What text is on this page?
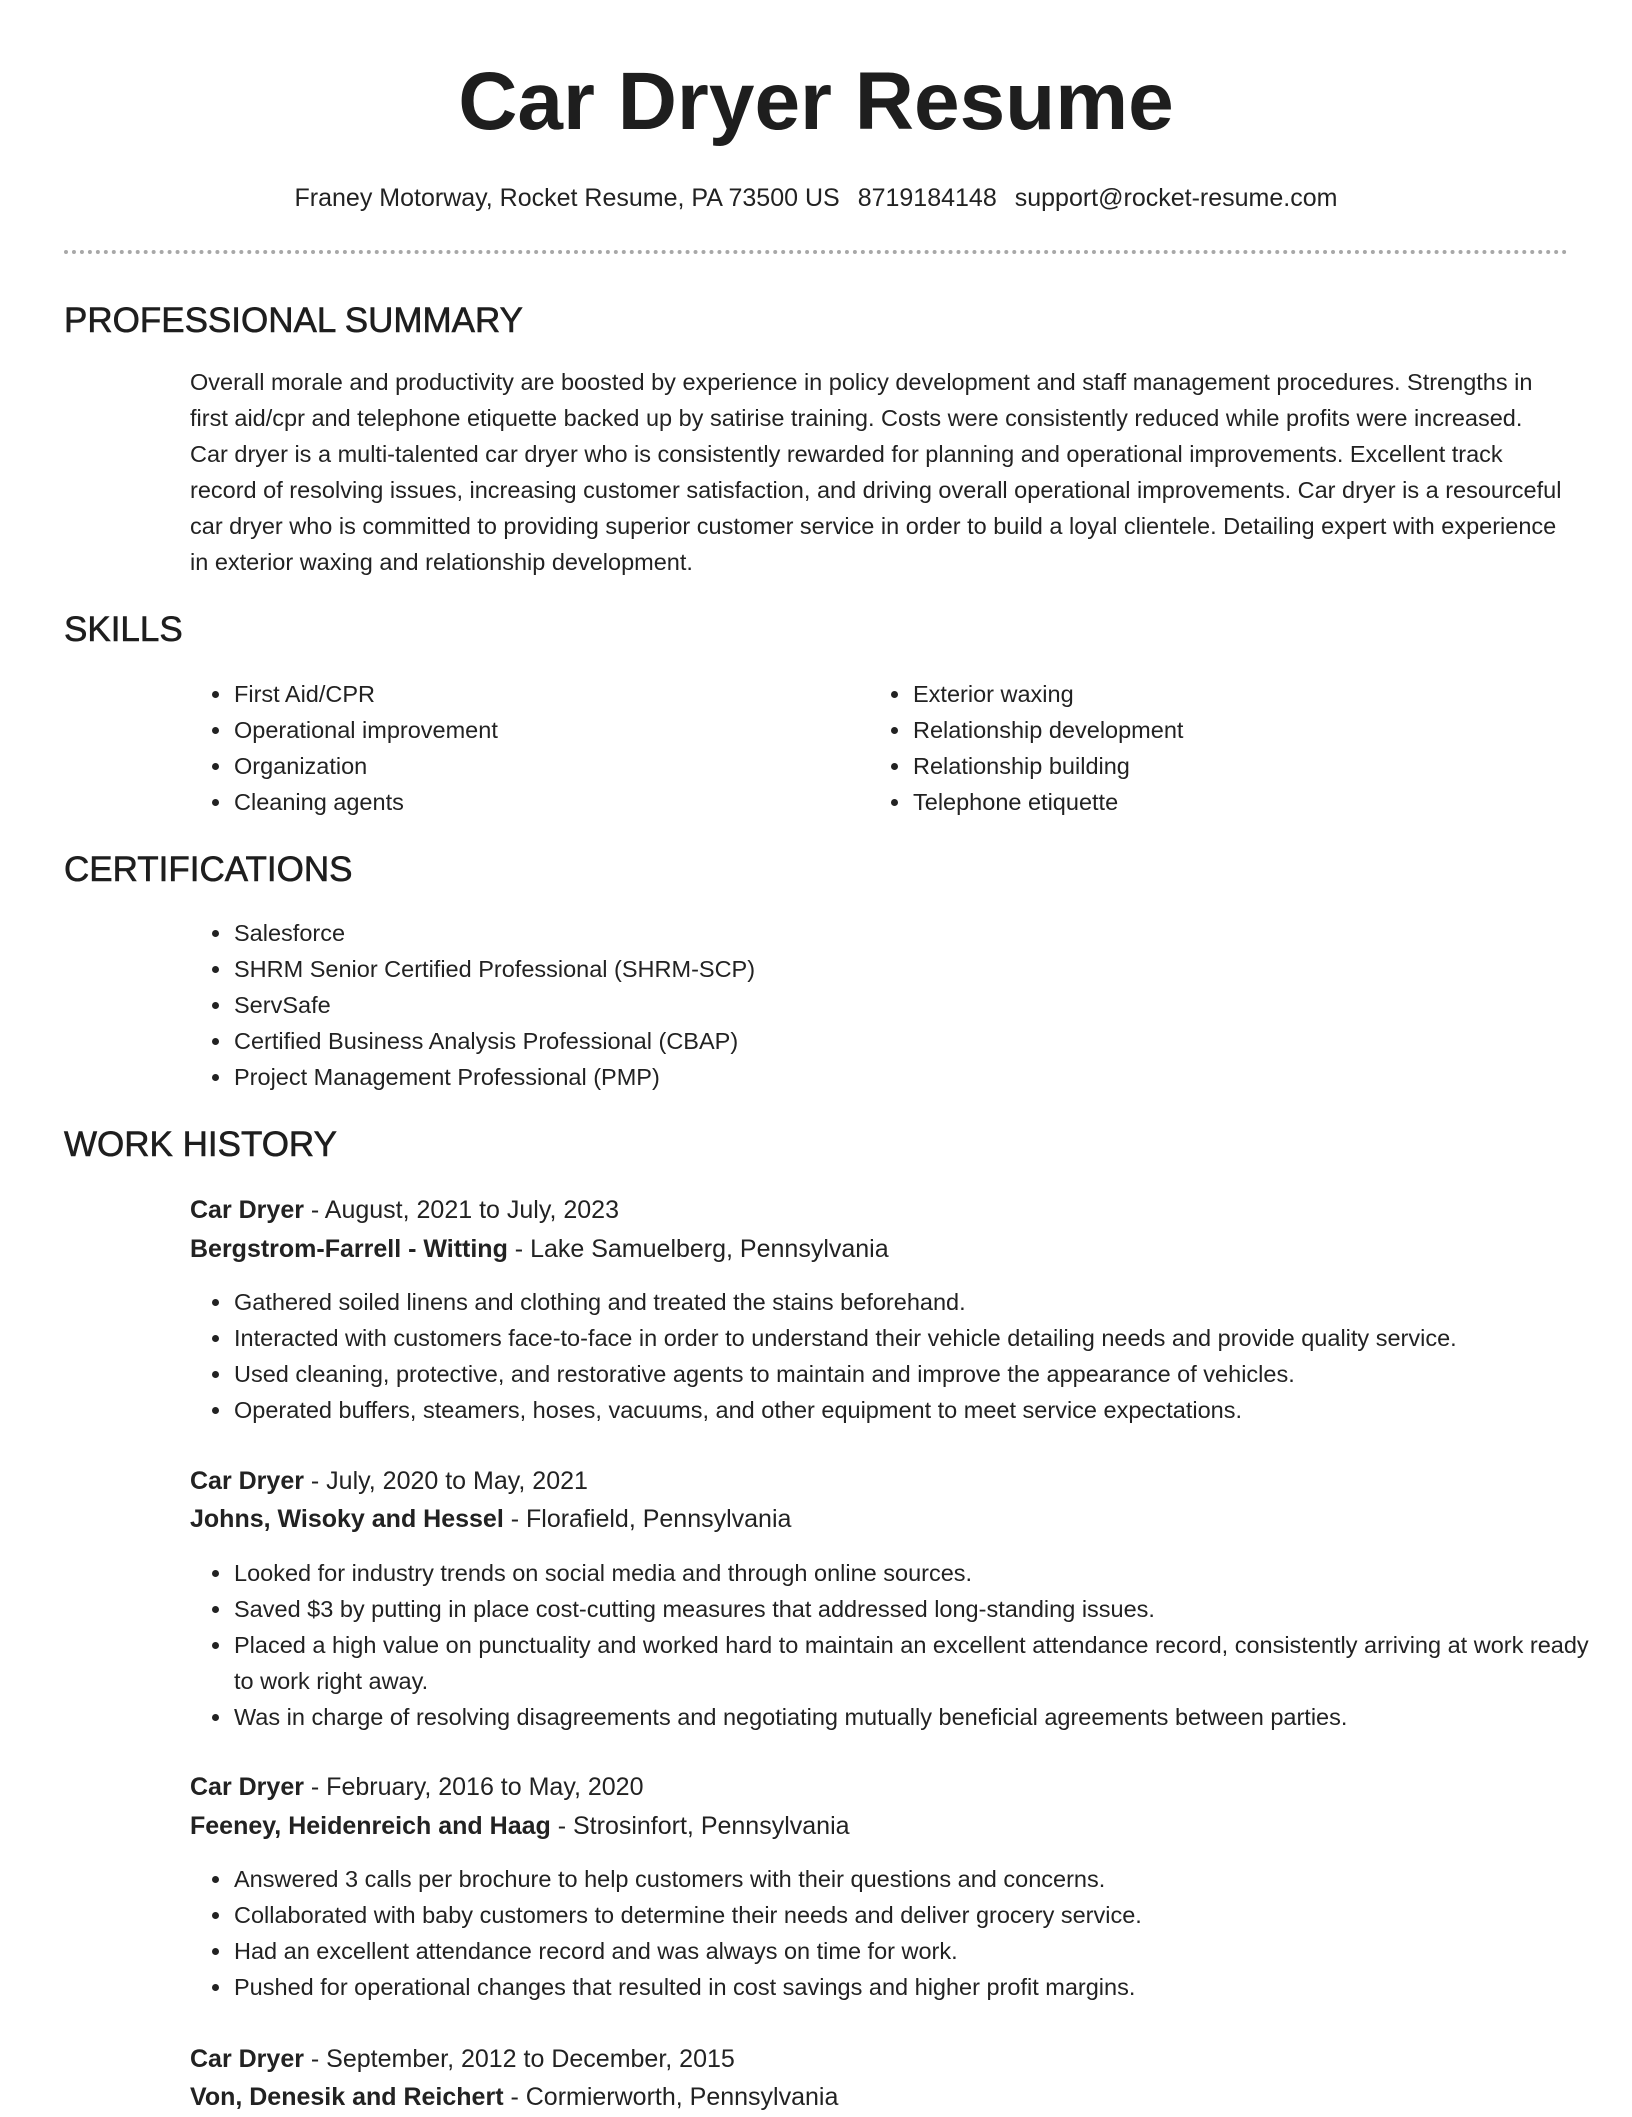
Car Dryer Resume
Franey Motorway, Rocket Resume, PA 73500 US 8719184148 support@rocket-resume.com
PROFESSIONAL SUMMARY

Overall morale and productivity are boosted by experience in policy development and staff management procedures. Strengths in first aid/cpr and telephone etiquette backed up by satirise training. Costs were consistently reduced while profits were increased. Car dryer is a multi-talented car dryer who is consistently rewarded for planning and operational improvements. Excellent track record of resolving issues, increasing customer satisfaction, and driving overall operational improvements. Car dryer is a resourceful car dryer who is committed to providing superior customer service in order to build a loyal clientele. Detailing expert with experience in exterior waxing and relationship development.

SKILLS
• First Aid/CPR
• Operational improvement
• Organization
• Cleaning agents
• Exterior waxing
• Relationship development
• Relationship building
• Telephone etiquette
CERTIFICATIONS
• Salesforce
• SHRM Senior Certified Professional (SHRM-SCP)
• ServSafe
• Certified Business Analysis Professional (CBAP)
• Project Management Professional (PMP)
WORK HISTORY

Car Dryer - August, 2021 to July, 2023

Bergstrom-Farrell - Witting - Lake Samuelberg, Pennsylvania

• Gathered soiled linens and clothing and treated the stains beforehand.
• Interacted with customers face-to-face in order to understand their vehicle detailing needs and provide quality service.
• Used cleaning, protective, and restorative agents to maintain and improve the appearance of vehicles.
• Operated buffers, steamers, hoses, vacuums, and other equipment to meet service expectations.

Car Dryer - July, 2020 to May, 2021

Johns, Wisoky and Hessel - Florafield, Pennsylvania

• Looked for industry trends on social media and through online sources.
• Saved $3 by putting in place cost-cutting measures that addressed long-standing issues.
• Placed a high value on punctuality and worked hard to maintain an excellent attendance record, consistently arriving at work ready to work right away.
• Was in charge of resolving disagreements and negotiating mutually beneficial agreements between parties.

Car Dryer - February, 2016 to May, 2020

Feeney, Heidenreich and Haag - Strosinfort, Pennsylvania

• Answered 3 calls per brochure to help customers with their questions and concerns.
• Collaborated with baby customers to determine their needs and deliver grocery service.
• Had an excellent attendance record and was always on time for work.
• Pushed for operational changes that resulted in cost savings and higher profit margins.

Car Dryer - September, 2012 to December, 2015

Von, Denesik and Reichert - Cormierworth, Pennsylvania
